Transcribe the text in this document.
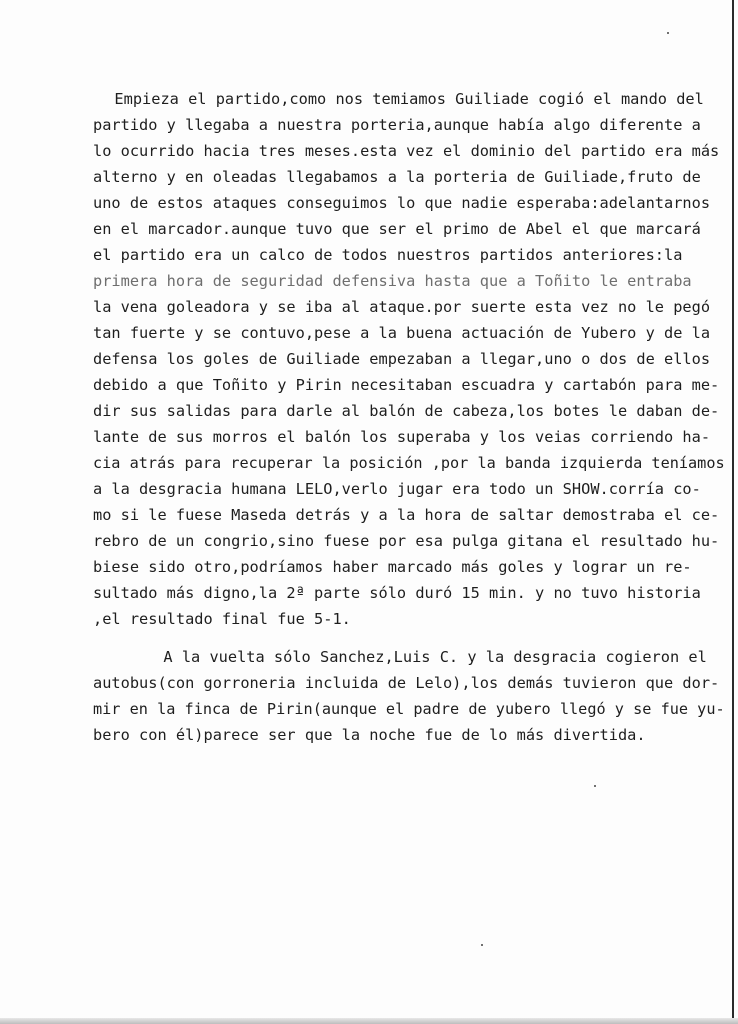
Empieza el partido,como nos temiamos Guiliade cogió el mando del
partido y llegaba a nuestra porteria,aunque había algo diferente a
lo ocurrido hacia tres meses.esta vez el dominio del partido era más
alterno y en oleadas llegabamos a la porteria de Guiliade,fruto de
uno de estos ataques conseguimos lo que nadie esperaba:adelantarnos
en el marcador.aunque tuvo que ser el primo de Abel el que marcará
el partido era un calco de todos nuestros partidos anteriores:la
primera hora de seguridad defensiva hasta que a Toñito le entraba
la vena goleadora y se iba al ataque.por suerte esta vez no le pegó
tan fuerte y se contuvo,pese a la buena actuación de Yubero y de la
defensa los goles de Guiliade empezaban a llegar,uno o dos de ellos
debido a que Toñito y Pirin necesitaban escuadra y cartabón para me-
dir sus salidas para darle al balón de cabeza,los botes le daban de-
lante de sus morros el balón los superaba y los veias corriendo ha-
cia atrás para recuperar la posición ,por la banda izquierda teníamos
a la desgracia humana LELO,verlo jugar era todo un SHOW.corría co-
mo si le fuese Maseda detrás y a la hora de saltar demostraba el ce-
rebro de un congrio,sino fuese por esa pulga gitana el resultado hu-
biese sido otro,podríamos haber marcado más goles y lograr un re-
sultado más digno,la 2ª parte sólo duró 15 min. y no tuvo historia
,el resultado final fue 5-1.
A la vuelta sólo Sanchez,Luis C. y la desgracia cogieron el
autobus(con gorroneria incluida de Lelo),los demás tuvieron que dor-
mir en la finca de Pirin(aunque el padre de yubero llegó y se fue yu-
bero con él)parece ser que la noche fue de lo más divertida.
